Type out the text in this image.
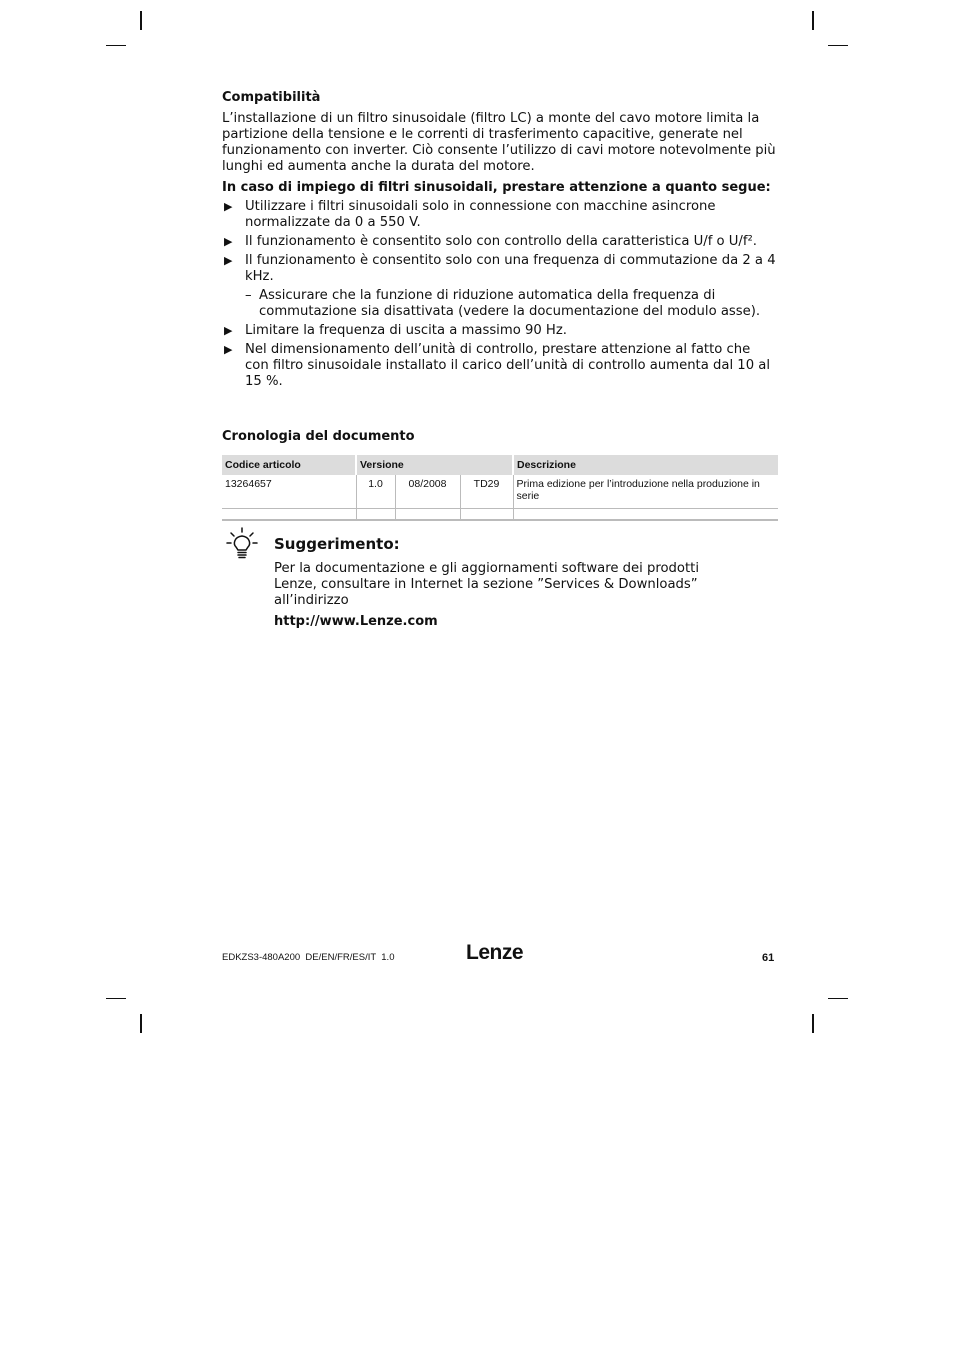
Compatibilità
L’installazione di un filtro sinusoidale (filtro LC) a monte del cavo motore limita la partizione della tensione e le correnti di trasferimento capacitive, generate nel funzionamento con inverter. Ciò consente l’utilizzo di cavi motore notevolmente più lunghi ed aumenta anche la durata del motore.
In caso di impiego di filtri sinusoidali, prestare attenzione a quanto segue:
▶ Utilizzare i filtri sinusoidali solo in connessione con macchine asincrone normalizzate da 0 a 550 V.
▶ Il funzionamento è consentito solo con controllo della caratteristica U/f o U/f².
▶ Il funzionamento è consentito solo con una frequenza di commutazione da 2 a 4 kHz.
– Assicurare che la funzione di riduzione automatica della frequenza di commutazione sia disattivata (vedere la documentazione del modulo asse).
▶ Limitare la frequenza di uscita a massimo 90 Hz.
▶ Nel dimensionamento dell’unità di controllo, prestare attenzione al fatto che con filtro sinusoidale installato il carico dell’unità di controllo aumenta dal 10 al 15 %.
Cronologia del documento
Codice articolo	Versione			Descrizione
13264657	1.0	08/2008	TD29	Prima edizione per l’introduzione nella produzione in serie

Suggerimento:
Per la documentazione e gli aggiornamenti software dei prodotti Lenze, consultare in Internet la sezione ”Services & Downloads” all’indirizzo
http://www.Lenze.com
EDKZS3-480A200  DE/EN/FR/ES/IT  1.0	Lenze	61
